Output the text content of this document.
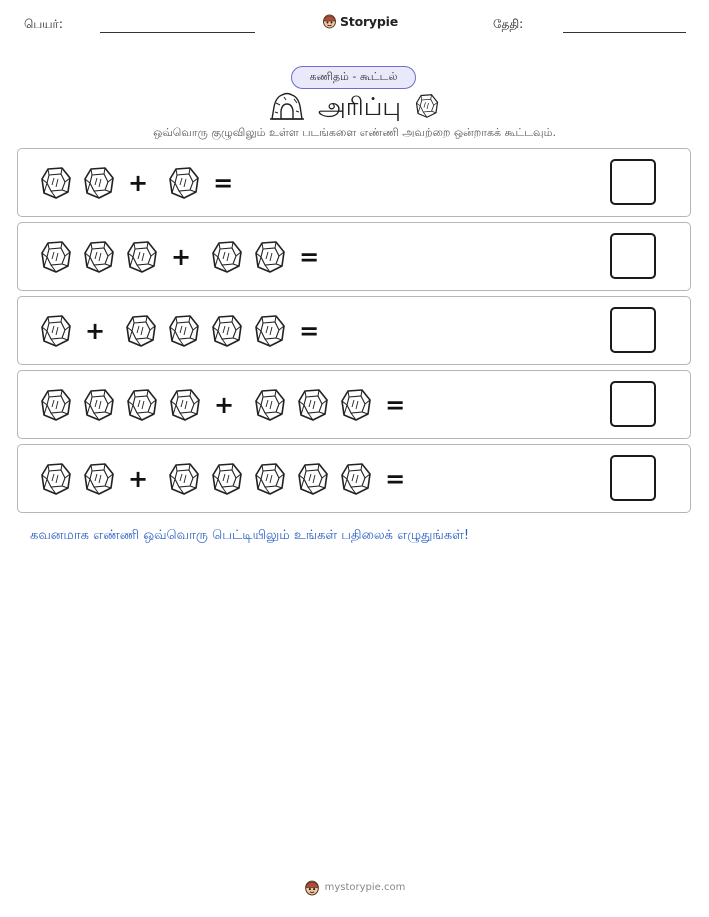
பெயர்:	Storypie	தேதி:
கணிதம் - கூட்டல்
அரிப்பு
ஒவ்வொரு குழுவிலும் உள்ள படங்களை எண்ணி அவற்றை ஒன்றாகக் கூட்டவும்.
+	=
+	=
+	=
+	=
+	=
கவனமாக எண்ணி ஒவ்வொரு பெட்டியிலும் உங்கள் பதிலைக் எழுதுங்கள்!
mystorypie.com
